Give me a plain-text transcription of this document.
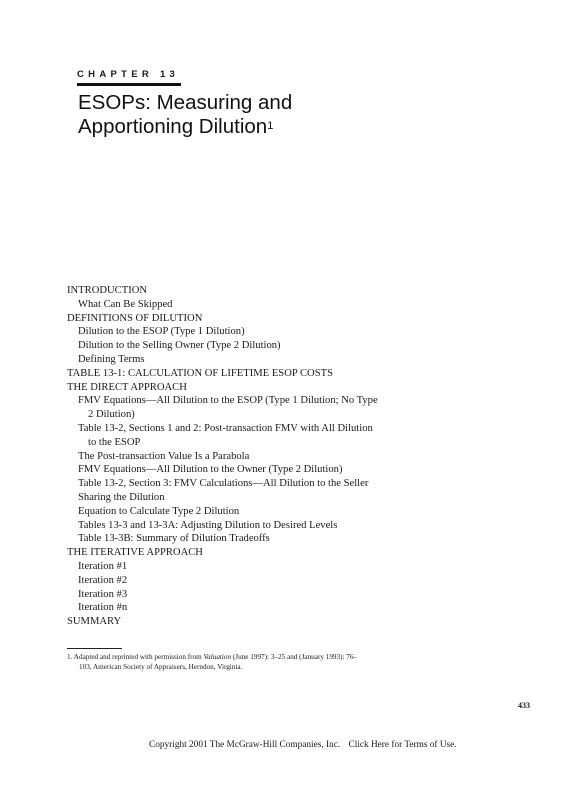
CHAPTER 13
ESOPs: Measuring and
Apportioning Dilution$^1$
INTRODUCTION
What Can Be Skipped
DEFINITIONS OF DILUTION
Dilution to the ESOP (Type 1 Dilution)
Dilution to the Selling Owner (Type 2 Dilution)
Defining Terms
TABLE 13-1: CALCULATION OF LIFETIME ESOP COSTS
THE DIRECT APPROACH
FMV Equations—All Dilution to the ESOP (Type 1 Dilution; No Type
2 Dilution)
Table 13-2, Sections 1 and 2: Post-transaction FMV with All Dilution
to the ESOP
The Post-transaction Value Is a Parabola
FMV Equations—All Dilution to the Owner (Type 2 Dilution)
Table 13-2, Section 3: FMV Calculations—All Dilution to the Seller
Sharing the Dilution
Equation to Calculate Type 2 Dilution
Tables 13-3 and 13-3A: Adjusting Dilution to Desired Levels
Table 13-3B: Summary of Dilution Tradeoffs
THE ITERATIVE APPROACH
Iteration #1
Iteration #2
Iteration #3
Iteration #n
SUMMARY
1. Adapted and reprinted with permission from Valuation (June 1997): 3–25 and (January 1993): 76–
103, American Society of Appraisers, Herndon, Virginia.
433
Copyright 2001 The McGraw-Hill Companies, Inc. Click Here for Terms of Use.
